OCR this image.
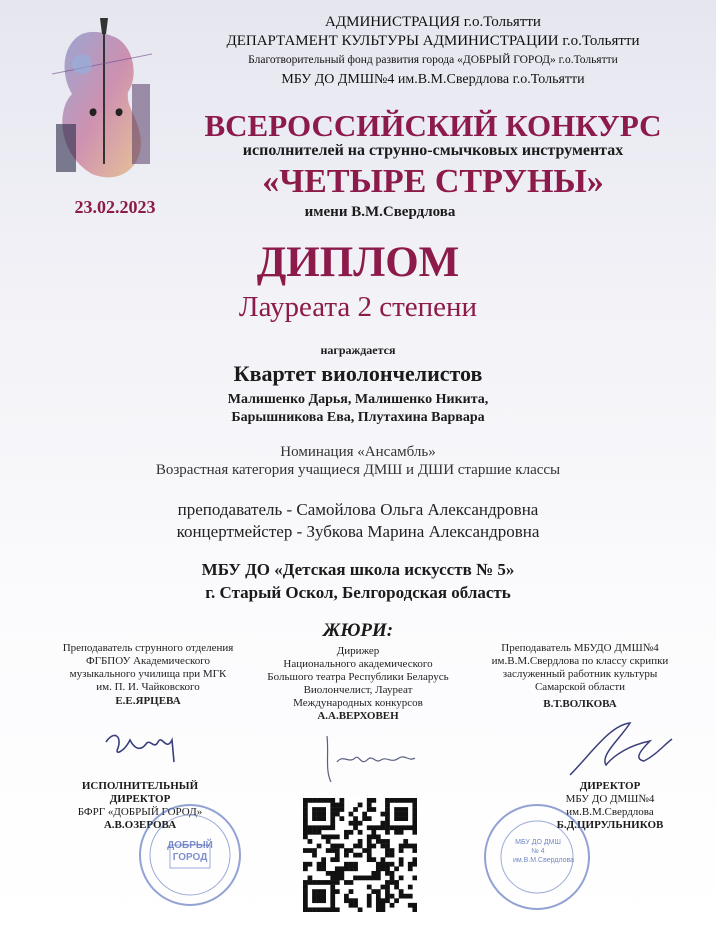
АДМИНИСТРАЦИЯ г.о.Тольятти
ДЕПАРТАМЕНТ КУЛЬТУРЫ АДМИНИСТРАЦИИ г.о.Тольятти
Благотворительный фонд развития города «ДОБРЫЙ ГОРОД» г.о.Тольятти
МБУ ДО ДМШ№4 им.В.М.Свердлова г.о.Тольятти
ВСЕРОССИЙСКИЙ КОНКУРС
исполнителей на струнно-смычковых инструментах
«ЧЕТЫРЕ СТРУНЫ»
имени В.М.Свердлова
23.02.2023
ДИПЛОМ
Лауреата 2 степени
награждается
Квартет виолончелистов
Малишенко Дарья, Малишенко Никита,
Барышникова Ева, Плутахина Варвара
Номинация «Ансамбль»
Возрастная категория учащиеся ДМШ и ДШИ старшие классы
преподаватель - Самойлова Ольга Александровна
концертмейстер - Зубкова Марина Александровна
МБУ ДО «Детская школа искусств № 5»
г. Старый Оскол, Белгородская область
ЖЮРИ:
Преподаватель струнного отделения
ФГБПОУ Академического
музыкального училища при МГК
им. П. И. Чайковского
Е.Е.ЯРЦЕВА
Дирижер
Национального академического
Большого театра Республики Беларусь
Виолончелист, Лауреат
Международных конкурсов
А.А.ВЕРХОВЕН
Преподаватель МБУДО ДМШ№4
им.В.М.Свердлова по классу скрипки
заслуженный работник культуры
Самарской области
В.Т.ВОЛКОВА
ИСПОЛНИТЕЛЬНЫЙ
ДИРЕКТОР
БФРГ «ДОБРЫЙ ГОРОД»
А.В.ОЗЕРОВА
ДИРЕКТОР
МБУ ДО ДМШ№4
им.В.М.Свердлова
Б.Д.ЦИРУЛЬНИКОВ
ДОБРЫЙ ГОРОД
МБУ ДО ДМШ № 4 им.В.М.Свердлова
